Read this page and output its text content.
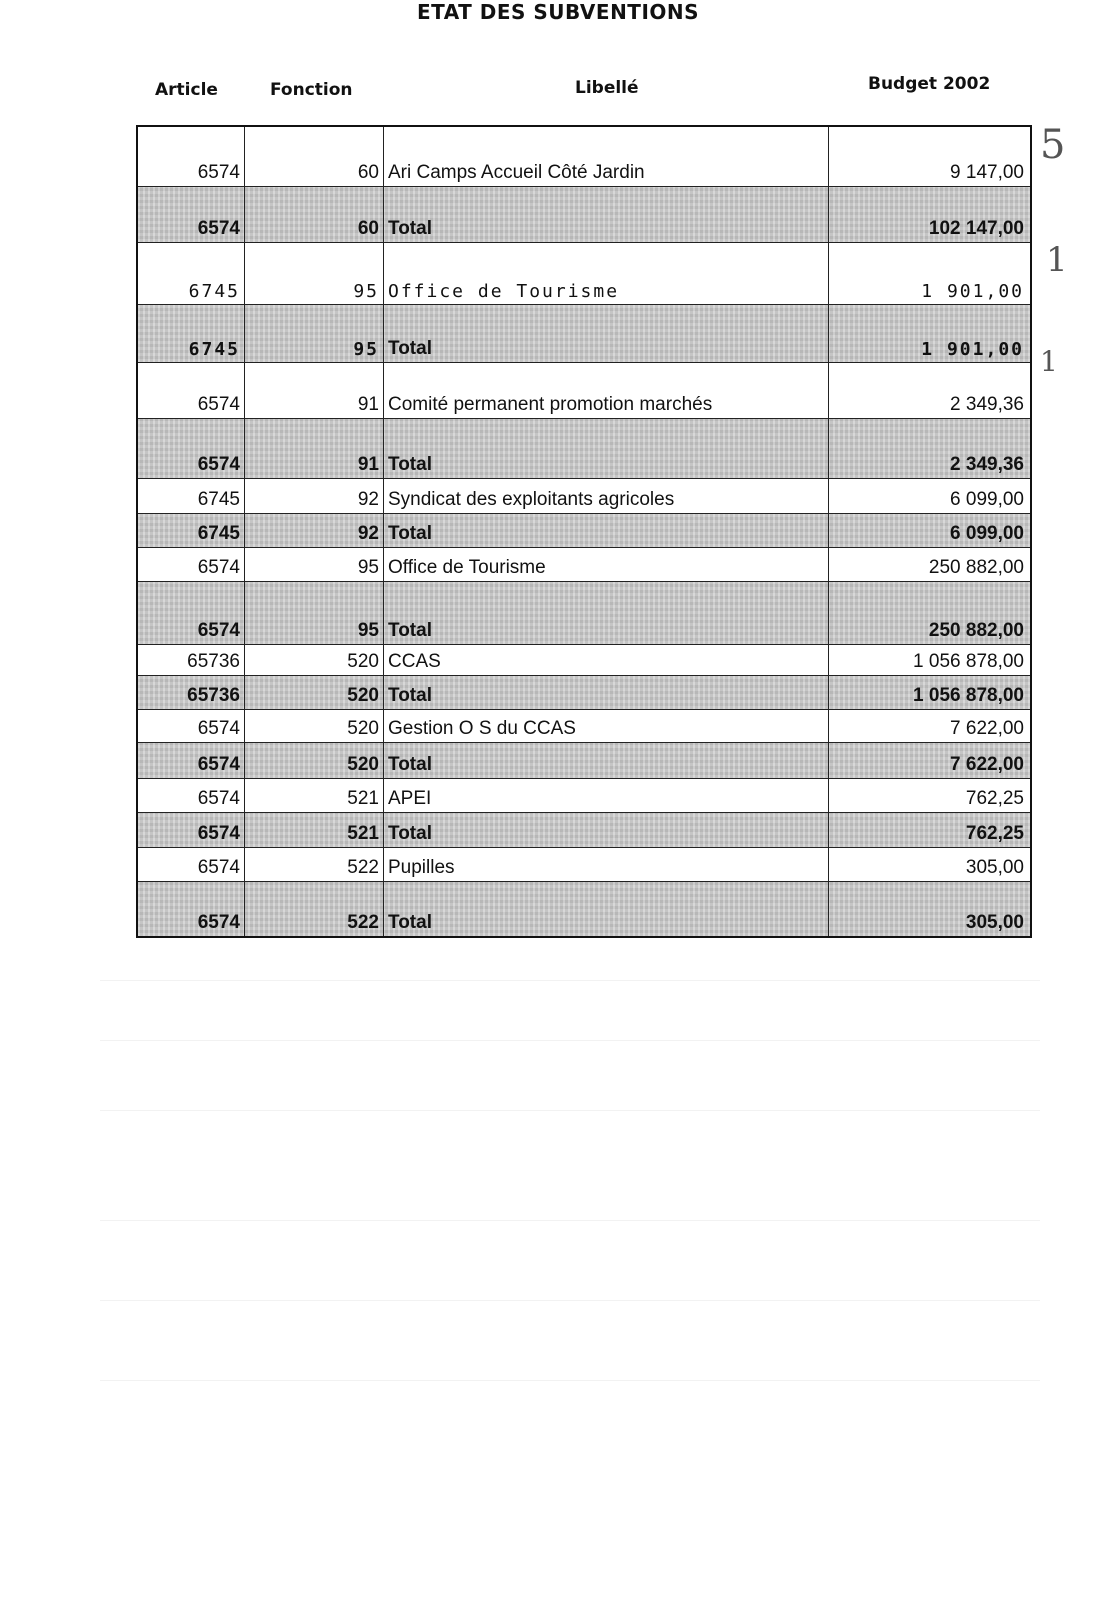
ETAT DES SUBVENTIONS
Article	Fonction	Libellé	Budget 2002
6574	60 Ari Camps Accueil Côté Jardin	9 147,00
6574	60 Total	102 147,00
6745	95 Office de Tourisme	1 901,00
6745	95 Total	1 901,00
6574	91 Comité permanent promotion marchés	2 349,36
6574	91 Total	2 349,36
6745	92 Syndicat des exploitants agricoles	6 099,00
6745	92 Total	6 099,00
6574	95 Office de Tourisme	250 882,00
6574	95 Total	250 882,00
65736	520 CCAS	1 056 878,00
65736	520 Total	1 056 878,00
6574	520 Gestion O S du CCAS	7 622,00
6574	520 Total	7 622,00
6574	521 APEI	762,25
6574	521 Total	762,25
6574	522 Pupilles	305,00
6574	522 Total	305,00
5
1
1
